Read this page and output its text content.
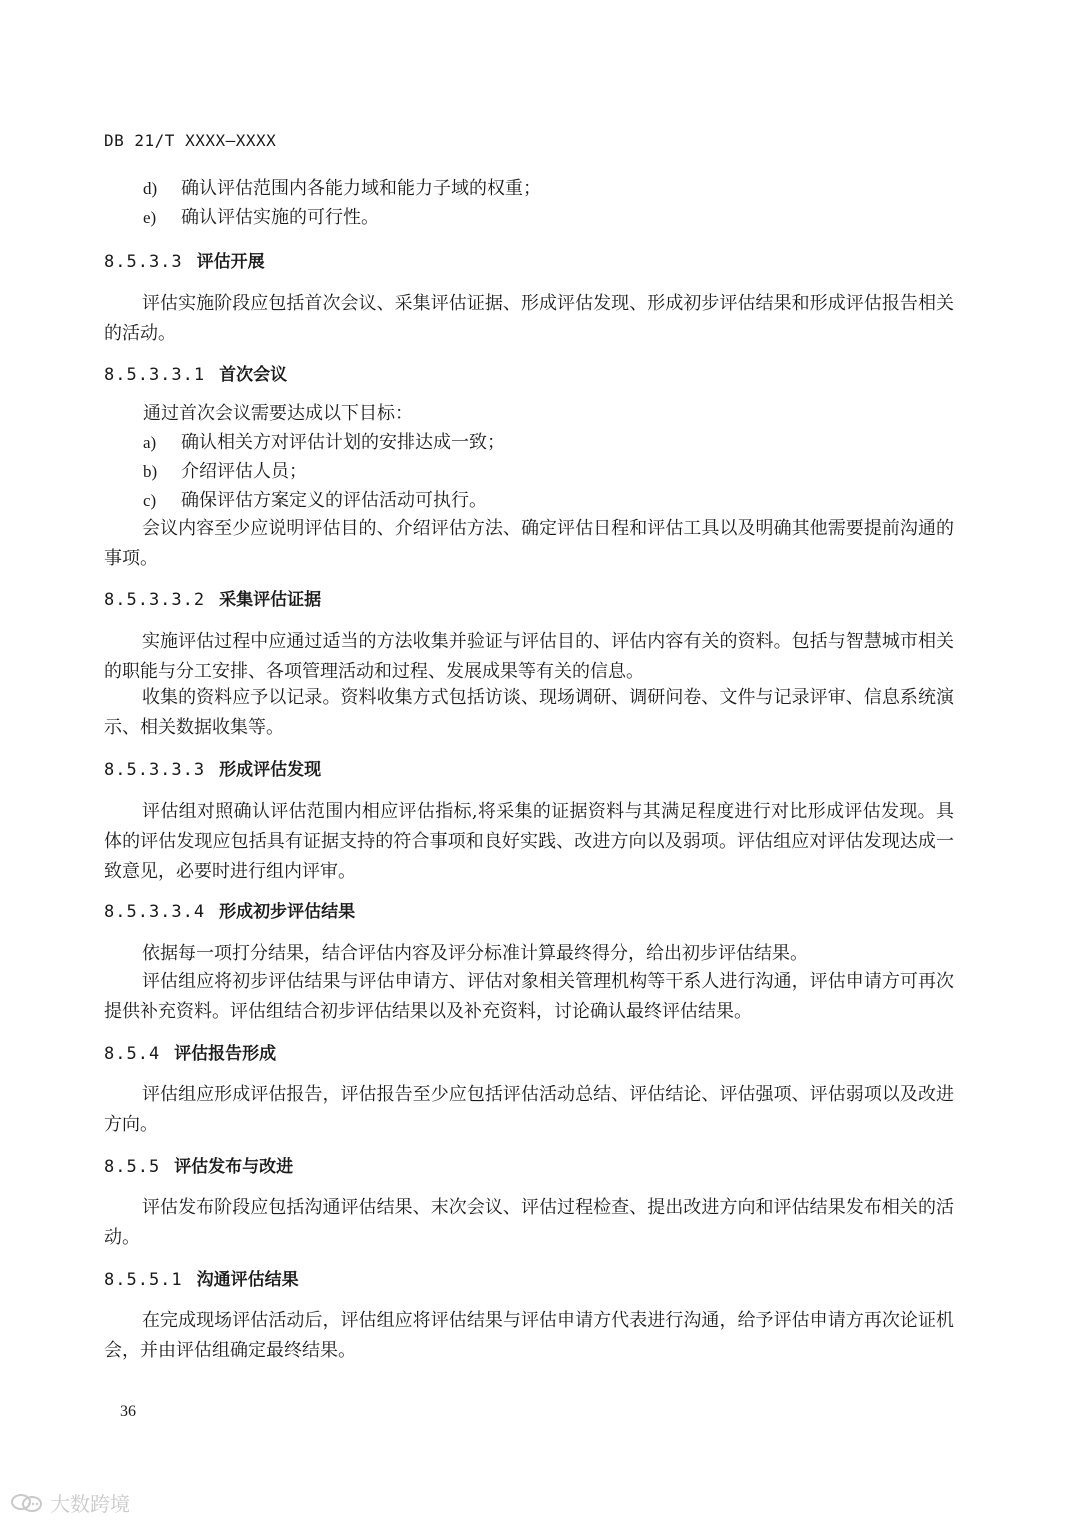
DB 21/T XXXX—XXXX
d) 确认评估范围内各能力域和能力子域的权重；
e) 确认评估实施的可行性。
8.5.3.3 评估开展
评估实施阶段应包括首次会议、采集评估证据、形成评估发现、形成初步评估结果和形成评估报告相关的活动。
8.5.3.3.1 首次会议
通过首次会议需要达成以下目标：
a) 确认相关方对评估计划的安排达成一致；
b) 介绍评估人员；
c) 确保评估方案定义的评估活动可执行。
会议内容至少应说明评估目的、介绍评估方法、确定评估日程和评估工具以及明确其他需要提前沟通的事项。
8.5.3.3.2 采集评估证据
实施评估过程中应通过适当的方法收集并验证与评估目的、评估内容有关的资料。包括与智慧城市相关的职能与分工安排、各项管理活动和过程、发展成果等有关的信息。
收集的资料应予以记录。资料收集方式包括访谈、现场调研、调研问卷、文件与记录评审、信息系统演示、相关数据收集等。
8.5.3.3.3 形成评估发现
评估组对照确认评估范围内相应评估指标,将采集的证据资料与其满足程度进行对比形成评估发现。具体的评估发现应包括具有证据支持的符合事项和良好实践、改进方向以及弱项。评估组应对评估发现达成一致意见，必要时进行组内评审。
8.5.3.3.4 形成初步评估结果
依据每一项打分结果，结合评估内容及评分标准计算最终得分，给出初步评估结果。
评估组应将初步评估结果与评估申请方、评估对象相关管理机构等干系人进行沟通，评估申请方可再次提供补充资料。评估组结合初步评估结果以及补充资料，讨论确认最终评估结果。
8.5.4 评估报告形成
评估组应形成评估报告，评估报告至少应包括评估活动总结、评估结论、评估强项、评估弱项以及改进方向。
8.5.5 评估发布与改进
评估发布阶段应包括沟通评估结果、末次会议、评估过程检查、提出改进方向和评估结果发布相关的活动。
8.5.5.1 沟通评估结果
在完成现场评估活动后，评估组应将评估结果与评估申请方代表进行沟通，给予评估申请方再次论证机会，并由评估组确定最终结果。
36
大数跨境
